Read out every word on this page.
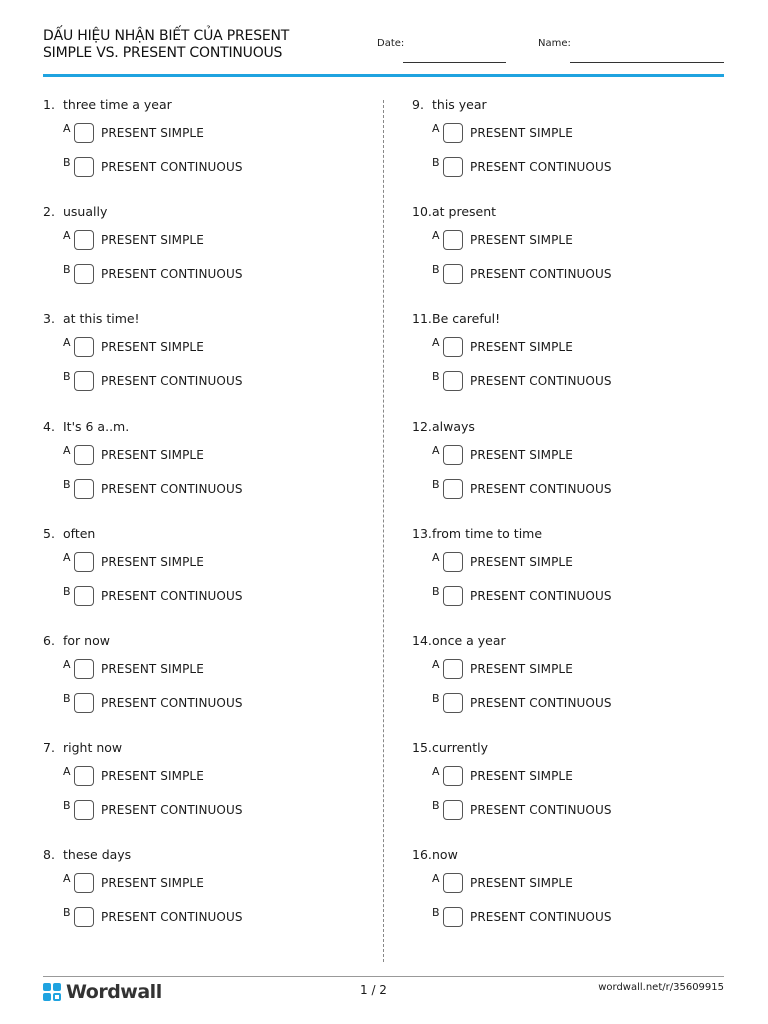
DẤU HIỆU NHẬN BIẾT CỦA PRESENT
SIMPLE VS. PRESENT CONTINUOUS
Date:	Name:
1. three time a year
A	PRESENT SIMPLE
B	PRESENT CONTINUOUS
2. usually
A	PRESENT SIMPLE
B	PRESENT CONTINUOUS
3. at this time!
A	PRESENT SIMPLE
B	PRESENT CONTINUOUS
4. It's 6 a..m.
A	PRESENT SIMPLE
B	PRESENT CONTINUOUS
5. often
A	PRESENT SIMPLE
B	PRESENT CONTINUOUS
6. for now
A	PRESENT SIMPLE
B	PRESENT CONTINUOUS
7. right now
A	PRESENT SIMPLE
B	PRESENT CONTINUOUS
8. these days
A	PRESENT SIMPLE
B	PRESENT CONTINUOUS
9. this year
A	PRESENT SIMPLE
B	PRESENT CONTINUOUS
10.at present
A	PRESENT SIMPLE
B	PRESENT CONTINUOUS
11.Be careful!
A	PRESENT SIMPLE
B	PRESENT CONTINUOUS
12.always
A	PRESENT SIMPLE
B	PRESENT CONTINUOUS
13.from time to time
A	PRESENT SIMPLE
B	PRESENT CONTINUOUS
14.once a year
A	PRESENT SIMPLE
B	PRESENT CONTINUOUS
15.currently
A	PRESENT SIMPLE
B	PRESENT CONTINUOUS
16.now
A	PRESENT SIMPLE
B	PRESENT CONTINUOUS
Wordwall	1 / 2	wordwall.net/r/35609915
